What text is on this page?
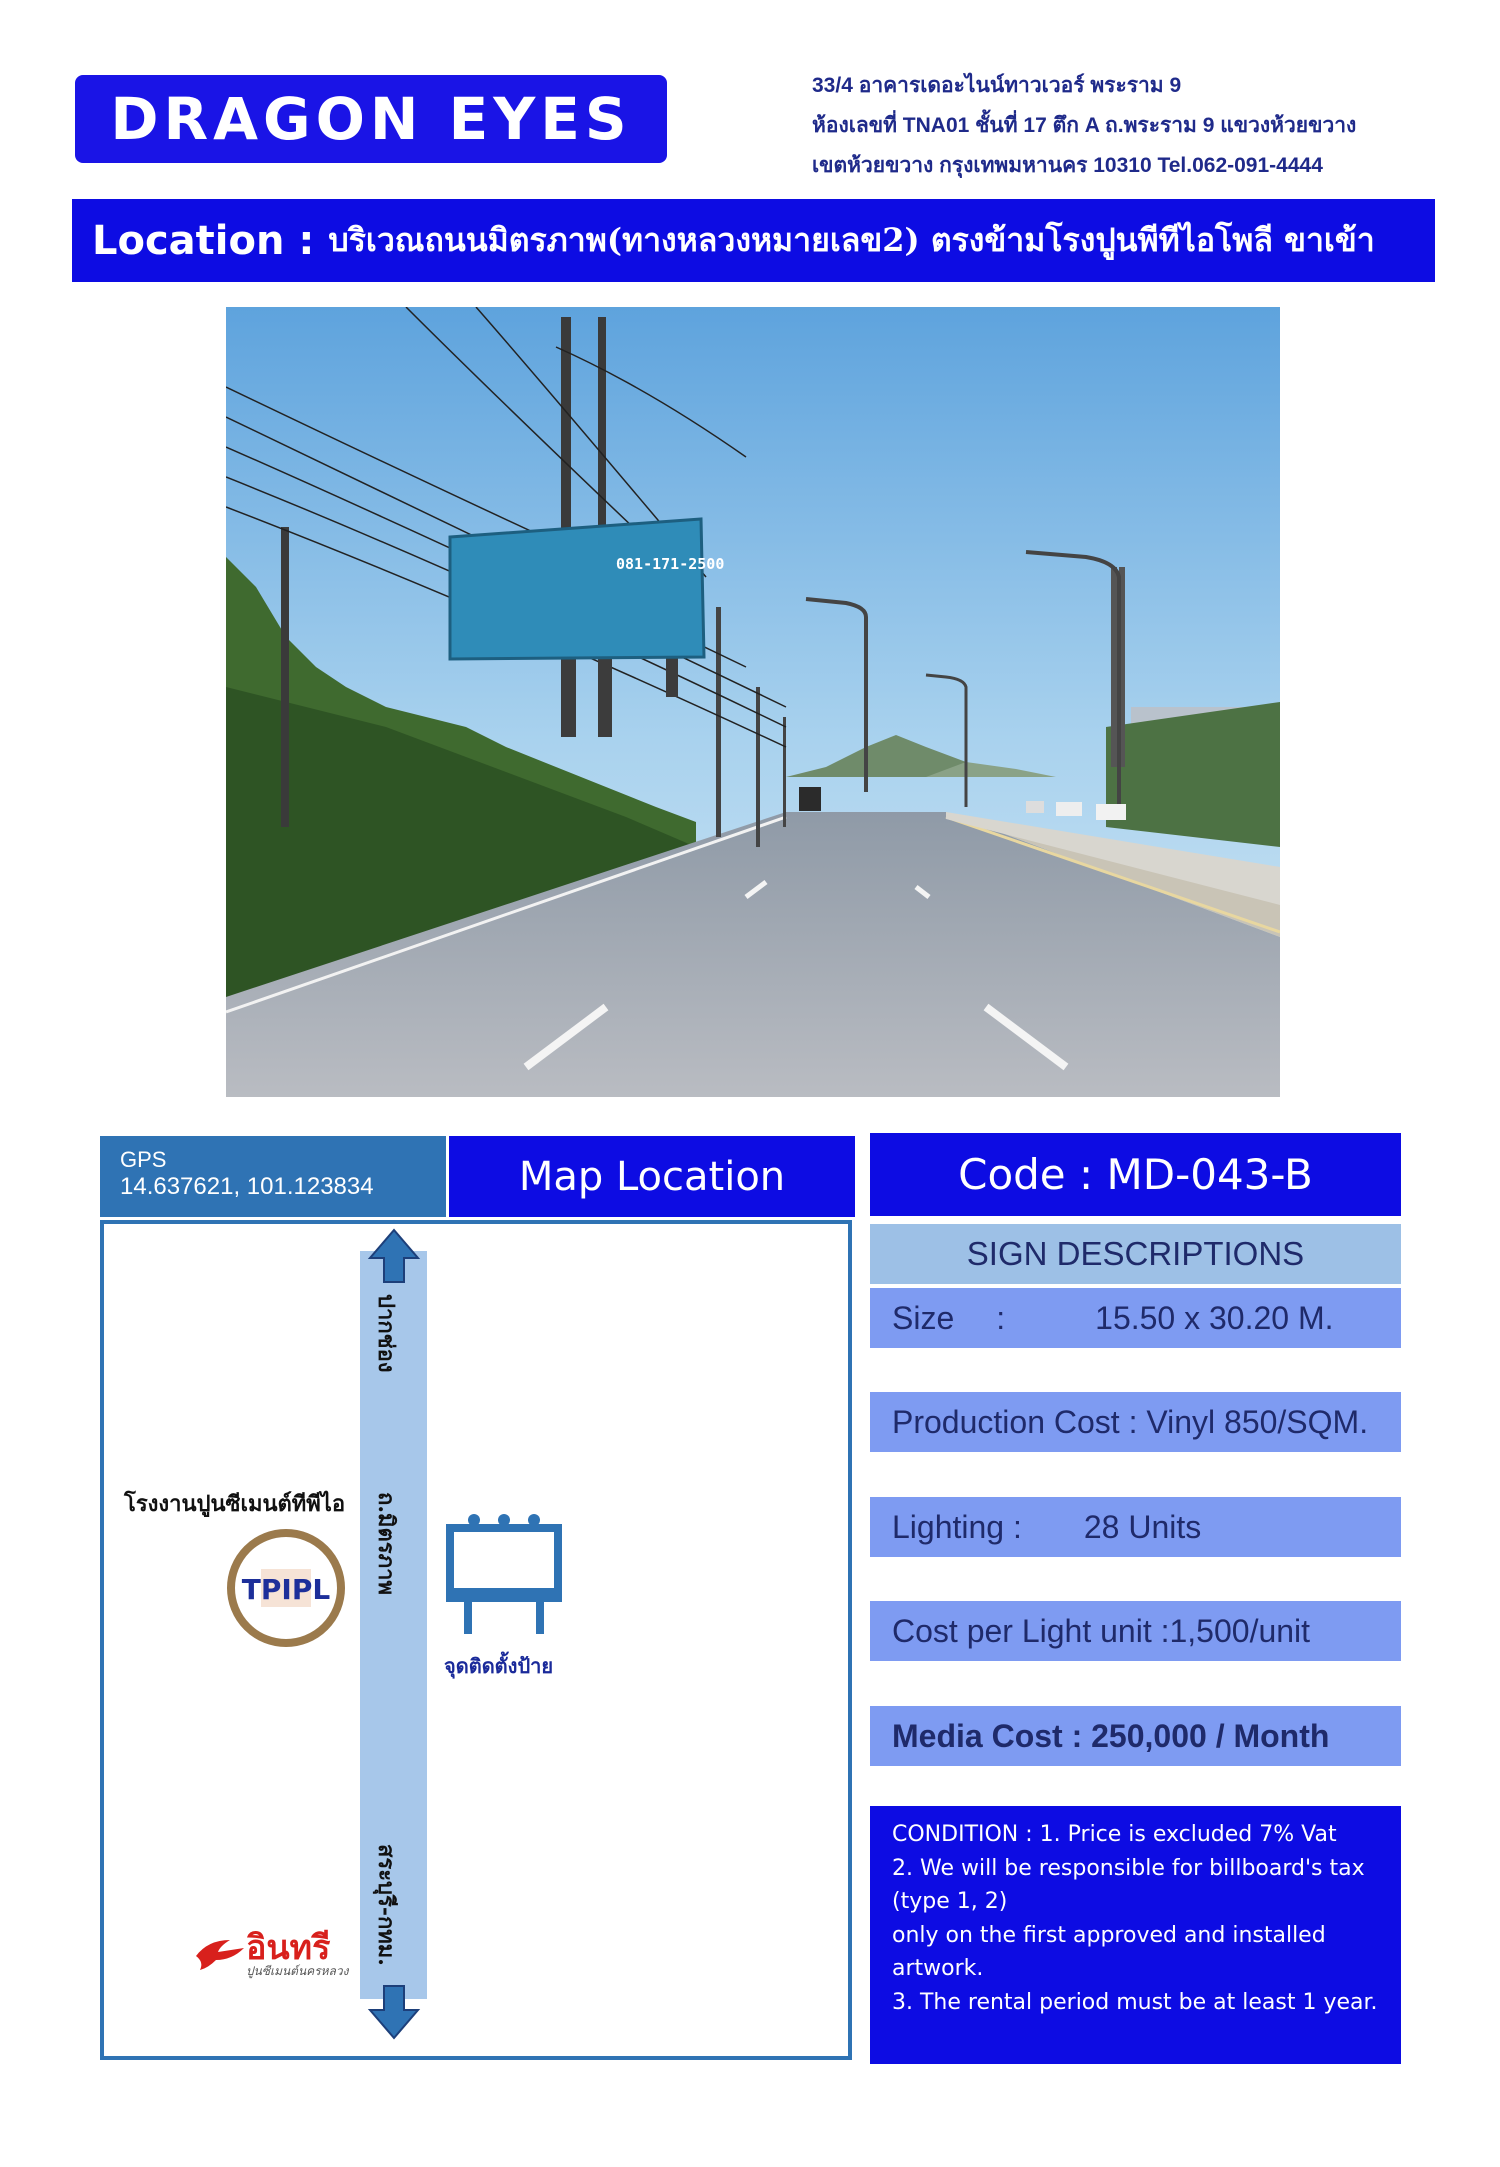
DRAGON EYES	33/4 อาคารเดอะไนน์ทาวเวอร์ พระราม 9
ห้องเลขที่ TNA01 ชั้นที่ 17 ตึก A ถ.พระราม 9 แขวงห้วยขวาง
เขตห้วยขวาง กรุงเทพมหานคร 10310 Tel.062-091-4444
Location : บริเวณถนนมิตรภาพ(ทางหลวงหมายเลข2) ตรงข้ามโรงปูนพีทีไอโพลี ขาเข้า
081-171-2500
GPS
14.637621, 101.123834	Map Location
ปากช่อง
ถ.มิตรภาพ
สระบุรี-กทม.
โรงงานปูนซีเมนต์ทีพีไอ
TPIPL
จุดติดตั้งป้าย
อินทรี
ปูนซีเมนต์นครหลวง
Code : MD-043-B
SIGN DESCRIPTIONS
Size :	15.50 x 30.20 M.
Production Cost : Vinyl 850/SQM.
Lighting : 28 Units
Cost per Light unit :1,500/unit
Media Cost : 250,000 / Month
CONDITION : 1. Price is excluded 7% Vat
2. We will be responsible for billboard's tax (type 1, 2)
only on the first approved and installed artwork.
3. The rental period must be at least 1 year.
